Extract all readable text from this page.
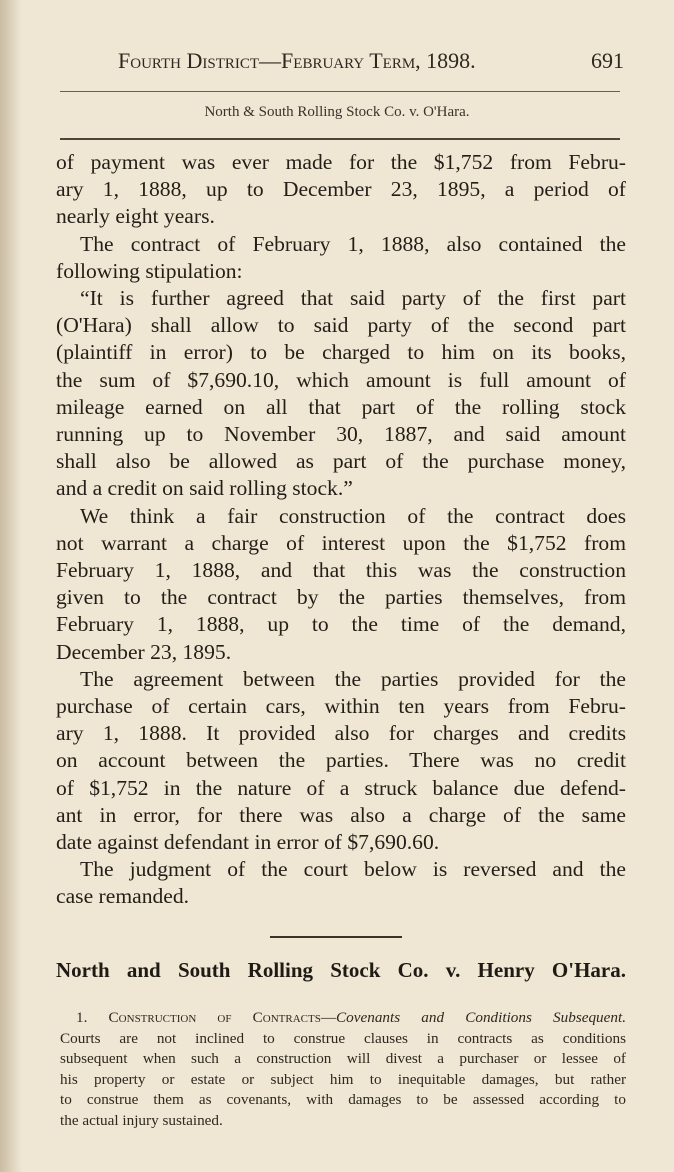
Fourth District—February Term, 1898.	691
North & South Rolling Stock Co. v. O'Hara.

of payment was ever made for the $1,752 from Febru-
ary 1, 1888, up to December 23, 1895, a period of

nearly eight years.

The contract of February 1, 1888, also contained the

following stipulation:

“It is further agreed that said party of the first part

(O'Hara) shall allow to said party of the second part
(plaintiff in error) to be charged to him on its books,
the sum of $7,690.10, which amount is full amount of
mileage earned on all that part of the rolling stock
running up to November 30, 1887, and said amount
shall also be allowed as part of the purchase money,

and a credit on said rolling stock.”

We think a fair construction of the contract does

not warrant a charge of interest upon the $1,752 from
February 1, 1888, and that this was the construction
given to the contract by the parties themselves, from
February 1, 1888, up to the time of the demand,

December 23, 1895.

The agreement between the parties provided for the

purchase of certain cars, within ten years from Febru-
ary 1, 1888. It provided also for charges and credits
on account between the parties. There was no credit
of $1,752 in the nature of a struck balance due defend-
ant in error, for there was also a charge of the same

date against defendant in error of $7,690.60.

The judgment of the court below is reversed and the

case remanded.

North and South Rolling Stock Co. v. Henry O'Hara.
1. Construction of Contracts—Covenants and Conditions Subsequent.
Courts are not inclined to construe clauses in contracts as conditions
subsequent when such a construction will divest a purchaser or lessee of
his property or estate or subject him to inequitable damages, but rather
to construe them as covenants, with damages to be assessed according to
the actual injury sustained.
